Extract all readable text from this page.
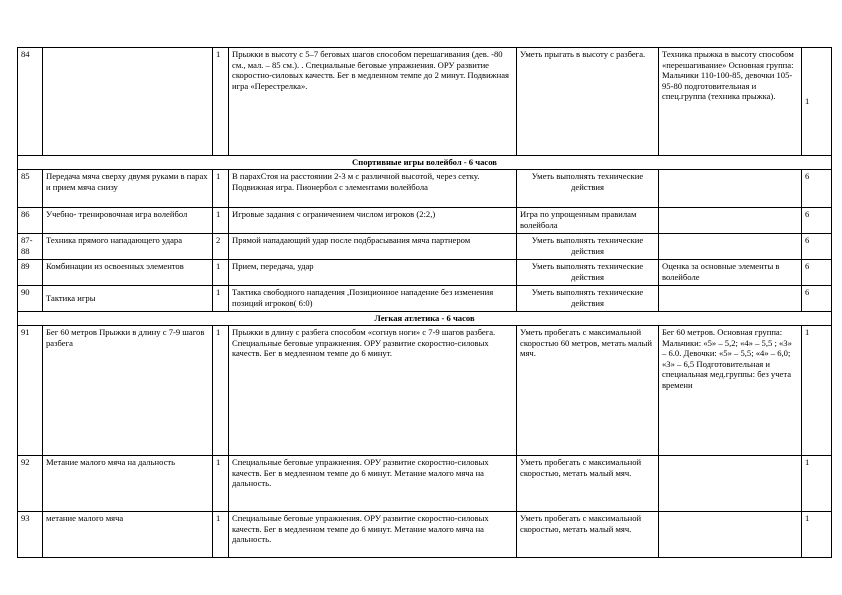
84		1	Прыжки в высоту с 5–7 беговых шагов способом перешагивания (дев. -80 см., мал. – 85 см.). . Специальные беговые упражнения. ОРУ развитие скоростно-силовых качеств. Бег в медленном темпе до 2 минут. Подвижная игра «Перестрелка».	Уметь прыгать в высоту с разбега.	Техника прыжка в высоту способом «перешагивание» Основная группа: Мальчики 110-100-85, девочки 105-95-80 подготовительная и спец.группа (техника прыжка).	1
Спортивные игры волейбол - 6 часов						
85	Передача мяча сверху двумя руками в парах и прием мяча снизу	1	В парахСтоя на расстоянии 2-3 м с различной высотой, через сетку. Подвижная игра. Пионербол с элементами волейбола	Уметь выполнять технические действия		6
86	Учебно- тренировочная игра волейбол	1	Игровые задания с ограничением числом игроков (2:2,)	Игра по упрощенным правилам волейбола		6
87-88	Техника прямого нападающего удара	2	Прямой нападающий удар после подбрасывания мяча партнером	Уметь выполнять технические действия		6
89	Комбинации из освоенных элементов	1	Прием, передача, удар	Уметь выполнять технические действия	Оценка за основные элементы в волейболе	6
90	Тактика игры	1	Тактика свободного нападения ,Позиционное нападение без изменения позиций игроков( 6:0)	Уметь выполнять технические действия		6
Легкая атлетика - 6 часов						
91	Бег 60 метров Прыжки в длину с 7-9 шагов разбега	1	Прыжки в длину с разбега способом «согнув ноги» с 7-9 шагов разбега. Специальные беговые упражнения. ОРУ развитие скоростно-силовых качеств. Бег в медленном темпе до 6 минут.	Уметь пробегать с максимальной скоростью 60 метров, метать малый мяч.	Бег 60 метров. Основная группа: Мальчики: «5» – 5,2; «4» – 5,5 ; «3» – 6.0. Девочки: «5» – 5,5; «4» – 6,0; «3» – 6,5 Подготовительная и специальная мед.группы: без учета времени	1
92	Метание малого мяча на дальность	1	Специальные беговые упражнения. ОРУ развитие скоростно-силовых качеств. Бег в медленном темпе до 6 минут. Метание малого мяча на дальность.	Уметь пробегать с максимальной скоростью, метать малый мяч.		1
93	метание малого мяча	1	Специальные беговые упражнения. ОРУ развитие скоростно-силовых качеств. Бег в медленном темпе до 6 минут. Метание малого мяча на дальность.	Уметь пробегать с максимальной скоростью, метать малый мяч.		1
